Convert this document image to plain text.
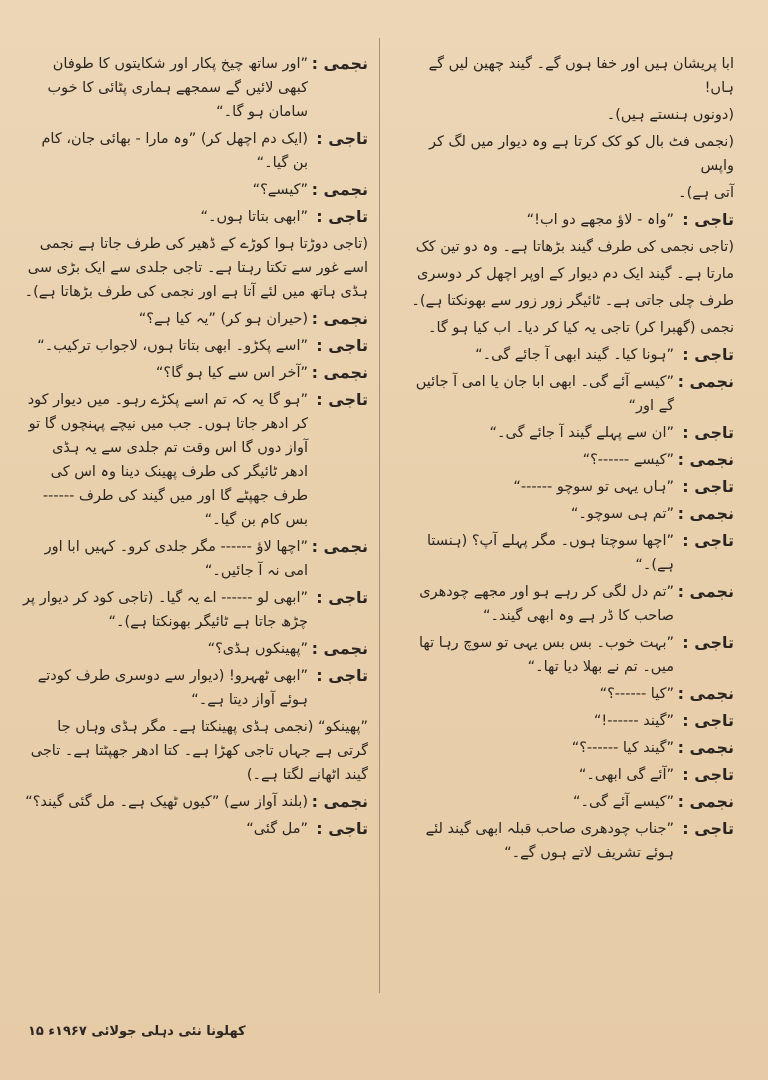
ابا پریشان ہیں اور خفا ہوں گے۔ گیند چھین لیں گے ہاں!
(دونوں ہنستے ہیں)۔
(نجمی فٹ بال کو کک کرتا ہے وہ دیوار میں لگ کر واپس
آتی ہے)۔
تاجی :
”واہ - لاؤ مجھے دو اب!“
(تاجی نجمی کی طرف گیند بڑھاتا ہے۔ وہ دو تین کک
مارتا ہے۔ گیند ایک دم دیوار کے اوپر اچھل کر دوسری
طرف چلی جاتی ہے۔ ٹائیگر زور زور سے بھونکتا ہے)۔
نجمی (گھبرا کر) تاجی یہ کیا کر دیا۔ اب کیا ہو گا۔
تاجی :
”ہونا کیا۔ گیند ابھی آ جائے گی۔“
نجمی :
”کیسے آئے گی۔ ابھی ابا جان یا امی آ جائیں گے اور“
تاجی :
”ان سے پہلے گیند آ جائے گی۔“
نجمی :
”کیسے ------؟“
تاجی :
”ہاں یہی تو سوچو ------“
نجمی :
”تم ہی سوچو۔“
تاجی :
”اچھا سوچتا ہوں۔ مگر پہلے آپ؟ (ہنستا ہے)۔“
نجمی :
”تم دل لگی کر رہے ہو اور مجھے چودھری صاحب کا ڈر ہے وہ ابھی گیند۔“
تاجی :
”بہت خوب۔ بس بس یہی تو سوچ رہا تھا میں۔ تم نے بھلا دیا تھا۔“
نجمی :
”کیا ------؟“
تاجی :
”گیند ------!“
نجمی :
”گیند کیا ------؟“
تاجی :
”آئے گی ابھی۔“
نجمی :
”کیسے آئے گی۔“
تاجی :
”جناب چودھری صاحب قبلہ ابھی گیند لئے ہوئے تشریف لاتے ہوں گے۔“
نجمی :
”اور ساتھ چیخ پکار اور شکایتوں کا طوفان کبھی لائیں گے سمجھے ہماری پٹائی کا خوب سامان ہو گا۔“
تاجی :
(ایک دم اچھل کر) ”وہ مارا - بھائی جان، کام بن گیا۔“
نجمی :
”کیسے؟“
تاجی :
”ابھی بتاتا ہوں۔“
(تاجی دوڑتا ہوا کوڑے کے ڈھیر کی طرف جاتا ہے نجمی اسے غور سے تکتا رہتا ہے۔ تاجی جلدی سے ایک بڑی سی ہڈی ہاتھ میں لئے آتا ہے اور نجمی کی طرف بڑھاتا ہے)۔
نجمی :
(حیران ہو کر) ”یہ کیا ہے؟“
تاجی :
”اسے پکڑو۔ ابھی بتاتا ہوں، لاجواب ترکیب۔“
نجمی :
”آخر اس سے کیا ہو گا؟“
تاجی :
”ہو گا یہ کہ تم اسے پکڑے رہو۔ میں دیوار کود کر ادھر جاتا ہوں۔ جب میں نیچے پہنچوں گا تو آواز دوں گا اس وقت تم جلدی سے یہ ہڈی ادھر ٹائیگر کی طرف پھینک دینا وہ اس کی طرف جھپٹے گا اور میں گیند کی طرف ------ بس کام بن گیا۔“
نجمی :
”اچھا لاؤ ------ مگر جلدی کرو۔ کہیں ابا اور امی نہ آ جائیں۔“
تاجی :
”ابھی لو ------ اے یہ گیا۔ (تاجی کود کر دیوار پر چڑھ جاتا ہے ٹائیگر بھونکتا ہے)۔“
نجمی :
”پھینکوں ہڈی؟“
تاجی :
”ابھی ٹھہرو! (دیوار سے دوسری طرف کودتے ہوئے آواز دیتا ہے۔“
”پھینکو“ (نجمی ہڈی پھینکتا ہے۔ مگر ہڈی وہاں جا گرتی ہے جہاں تاجی کھڑا ہے۔ کتا ادھر جھپٹتا ہے۔ تاجی گیند اٹھانے لگتا ہے۔)
نجمی :
(بلند آواز سے) ”کیوں ٹھیک ہے۔ مل گئی گیند؟“
تاجی :
”مل گئی“
کھلونا نئی دہلی جولائی ۱۹۶۷ء ۱۵
